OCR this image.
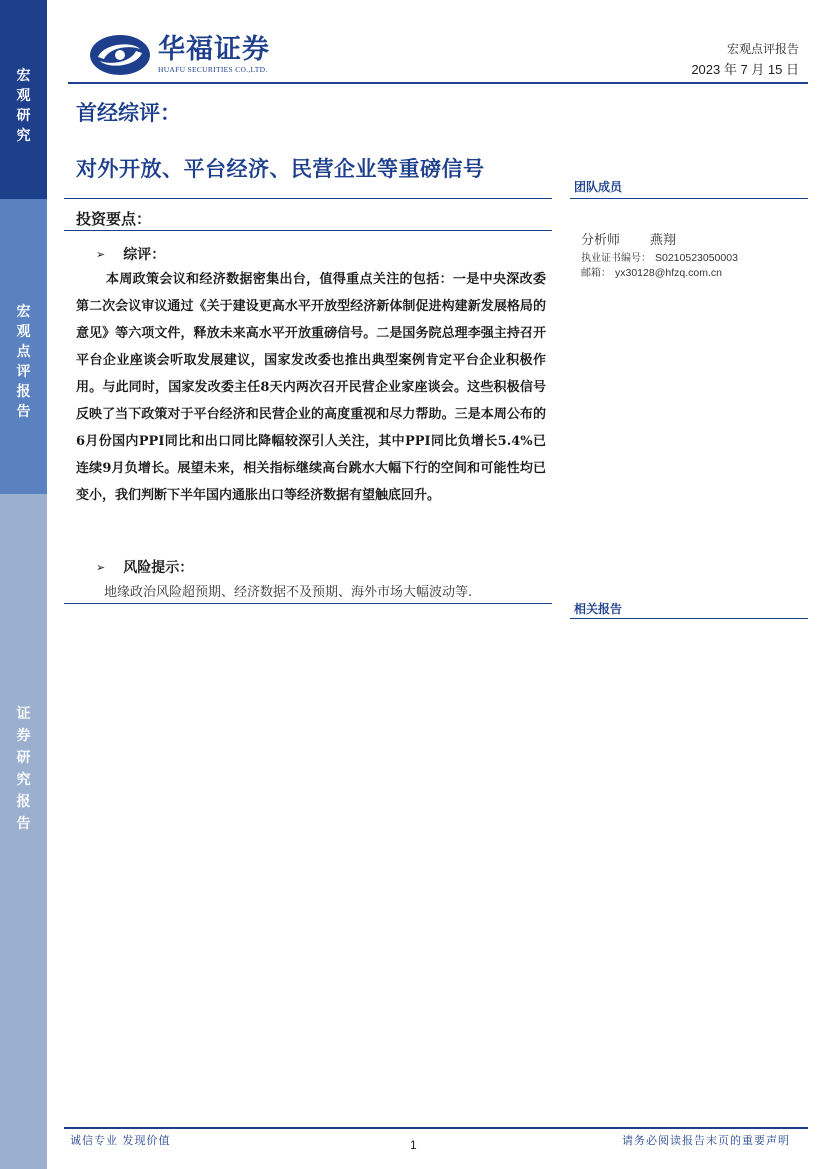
宏
观
研
究
宏
观
点
评
报
告
证
券
研
究
报
告
华福证券
HUAFU SECURITIES CO.,LTD.
宏观点评报告
2023 年 7 月 15 日
首经综评：
对外开放、平台经济、民营企业等重磅信号
投资要点：
➢ 综评：
本周政策会议和经济数据密集出台，值得重点关注的包括：一是中央深改委第二次会议审议通过《关于建设更高水平开放型经济新体制促进构建新发展格局的意见》等六项文件，释放未来高水平开放重磅信号。二是国务院总理李强主持召开平台企业座谈会听取发展建议，国家发改委也推出典型案例肯定平台企业积极作用。与此同时，国家发改委主任8天内两次召开民营企业家座谈会。这些积极信号反映了当下政策对于平台经济和民营企业的高度重视和尽力帮助。三是本周公布的6月份国内PPI同比和出口同比降幅较深引人关注，其中PPI同比负增长5.4%已连续9月负增长。展望未来，相关指标继续高台跳水大幅下行的空间和可能性均已变小，我们判断下半年国内通胀出口等经济数据有望触底回升。
➢ 风险提示：
地缘政治风险超预期、经济数据不及预期、海外市场大幅波动等.
团队成员
分析师 燕翔
执业证书编号： S0210523050003
邮箱： yx30128@hfzq.com.cn
相关报告
诚信专业 发现价值	1	请务必阅读报告末页的重要声明
